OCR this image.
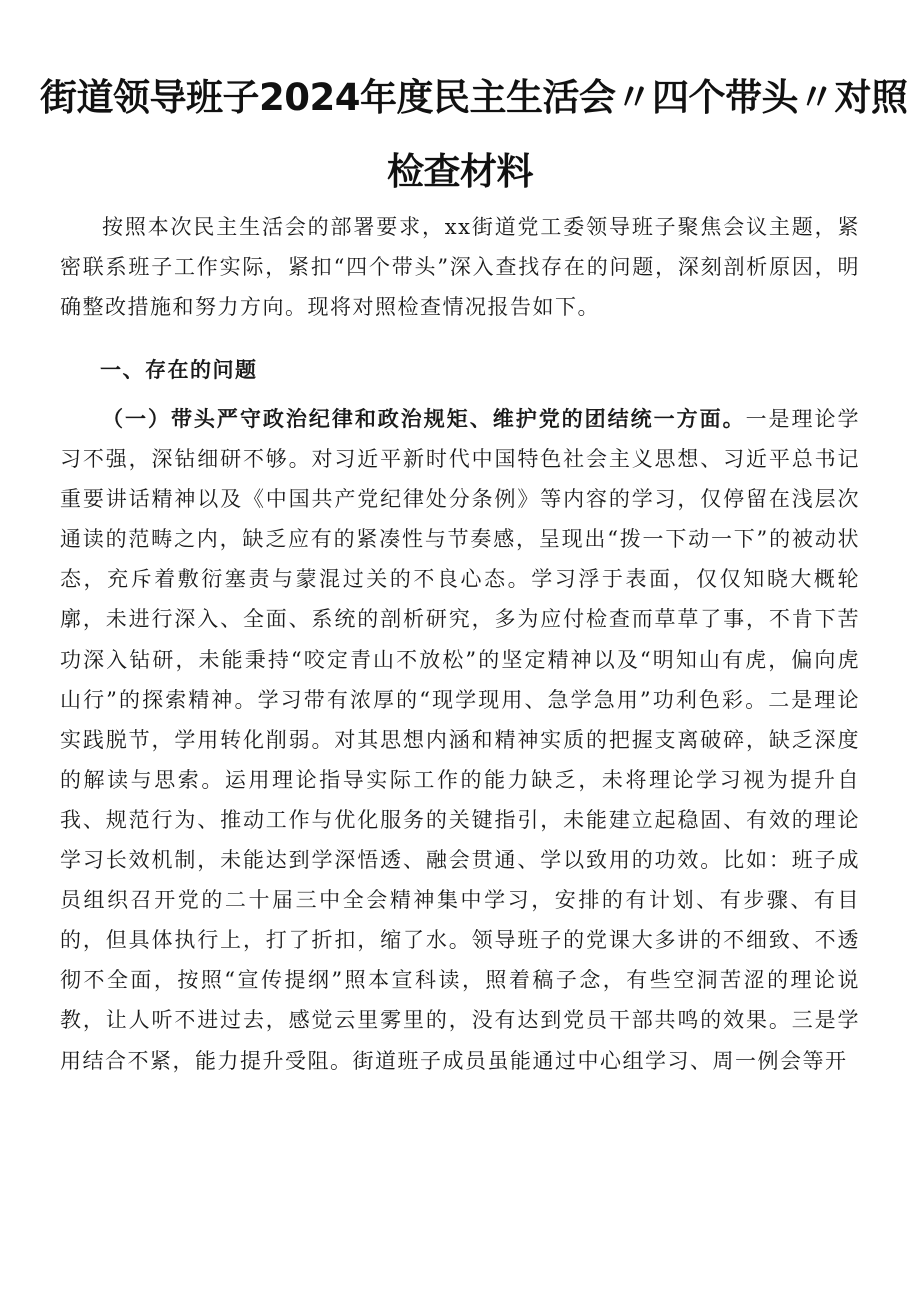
街道领导班子2024年度民主生活会〃四个带头〃对照
检查材料

按照本次民主生活会的部署要求，xx街道党工委领导班子聚焦会议主题，紧密联系班子工作实际，紧扣“四个带头”深入查找存在的问题，深刻剖析原因，明确整改措施和努力方向。现将对照检查情况报告如下。

一、存在的问题

（一）带头严守政治纪律和政治规矩、维护党的团结统一方面。一是理论学习不强，深钻细研不够。对习近平新时代中国特色社会主义思想、习近平总书记重要讲话精神以及《中国共产党纪律处分条例》等内容的学习，仅停留在浅层次通读的范畴之内，缺乏应有的紧凑性与节奏感，呈现出“拨一下动一下”的被动状态，充斥着敷衍塞责与蒙混过关的不良心态。学习浮于表面，仅仅知晓大概轮廓，未进行深入、全面、系统的剖析研究，多为应付检查而草草了事，不肯下苦功深入钻研，未能秉持“咬定青山不放松”的坚定精神以及“明知山有虎，偏向虎山行”的探索精神。学习带有浓厚的“现学现用、急学急用”功利色彩。二是理论实践脱节，学用转化削弱。对其思想内涵和精神实质的把握支离破碎，缺乏深度的解读与思索。运用理论指导实际工作的能力缺乏，未将理论学习视为提升自我、规范行为、推动工作与优化服务的关键指引，未能建立起稳固、有效的理论学习长效机制，未能达到学深悟透、融会贯通、学以致用的功效。比如：班子成员组织召开党的二十届三中全会精神集中学习，安排的有计划、有步骤、有目的，但具体执行上，打了折扣，缩了水。领导班子的党课大多讲的不细致、不透彻不全面，按照“宣传提纲”照本宣科读，照着稿子念，有些空洞苦涩的理论说教，让人听不进过去，感觉云里雾里的，没有达到党员干部共鸣的效果。三是学用结合不紧，能力提升受阻。街道班子成员虽能通过中心组学习、周一例会等开
